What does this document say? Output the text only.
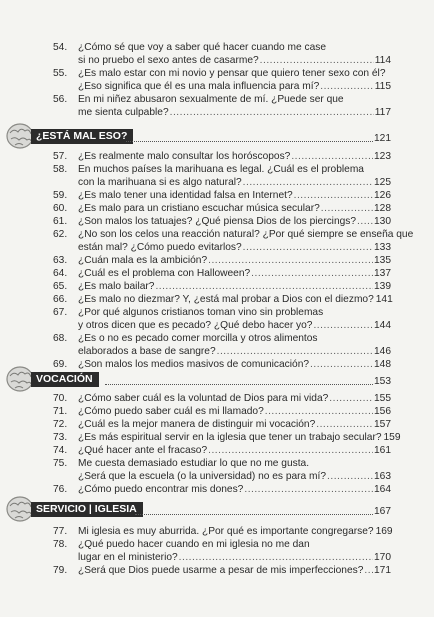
54.	¿Cómo sé que voy a saber qué hacer cuando me case
si no pruebo el sexo antes de casarme? .....	114
55.	¿Es malo estar con mi novio y pensar que quiero tener sexo con él?
¿Eso significa que él es una mala influencia para mí? .....	115
56.	En mi niñez abusaron sexualmente de mí. ¿Puede ser que
me sienta culpable? .....	117
¿ESTÁ MAL ESO?	121
57.	¿Es realmente malo consultar los horóscopos? .....	123
58.	En muchos países la marihuana es legal. ¿Cuál es el problema
con la marihuana si es algo natural? .....	125
59.	¿Es malo tener una identidad falsa en Internet? .....	126
60.	¿Es malo para un cristiano escuchar música secular? .....	128
61.	¿Son malos los tatuajes? ¿Qué piensa Dios de los piercings? ..... 130
62.	¿No son los celos una reacción natural? ¿Por qué siempre se enseña que
están mal? ¿Cómo puedo evitarlos? .....	133
63.	¿Cuán mala es la ambición? .....	135
64.	¿Cuál es el problema con Halloween? .....	137
65.	¿Es malo bailar? .....	139
66.	¿Es malo no diezmar? Y, ¿está mal probar a Dios con el diezmo? 141
67.	¿Por qué algunos cristianos toman vino sin problemas
y otros dicen que es pecado? ¿Qué debo hacer yo? .....	144
68.	¿Es o no es pecado comer morcilla y otros alimentos
elaborados a base de sangre? .....	146
69.	¿Son malos los medios masivos de comunicación? .....	148
VOCACIÓN	153
70.	¿Cómo saber cuál es la voluntad de Dios para mi vida? .....	155
71.	¿Cómo puedo saber cuál es mi llamado? .....	156
72.	¿Cuál es la mejor manera de distinguir mi vocación? .....	157
73.	¿Es más espiritual servir en la iglesia que tener un trabajo secular? 159
74.	¿Qué hacer ante el fracaso? .....	161
75.	Me cuesta demasiado estudiar lo que no me gusta.
¿Será que la escuela (o la universidad) no es para mí? .....	163
76.	¿Cómo puedo encontrar mis dones? .....	164
SERVICIO | IGLESIA	167
77.	Mi iglesia es muy aburrida. ¿Por qué es importante congregarse? 169
78.	¿Qué puedo hacer cuando en mi iglesia no me dan
lugar en el ministerio? .....	170
79.	¿Será que Dios puede usarme a pesar de mis imperfecciones? ..... 171
